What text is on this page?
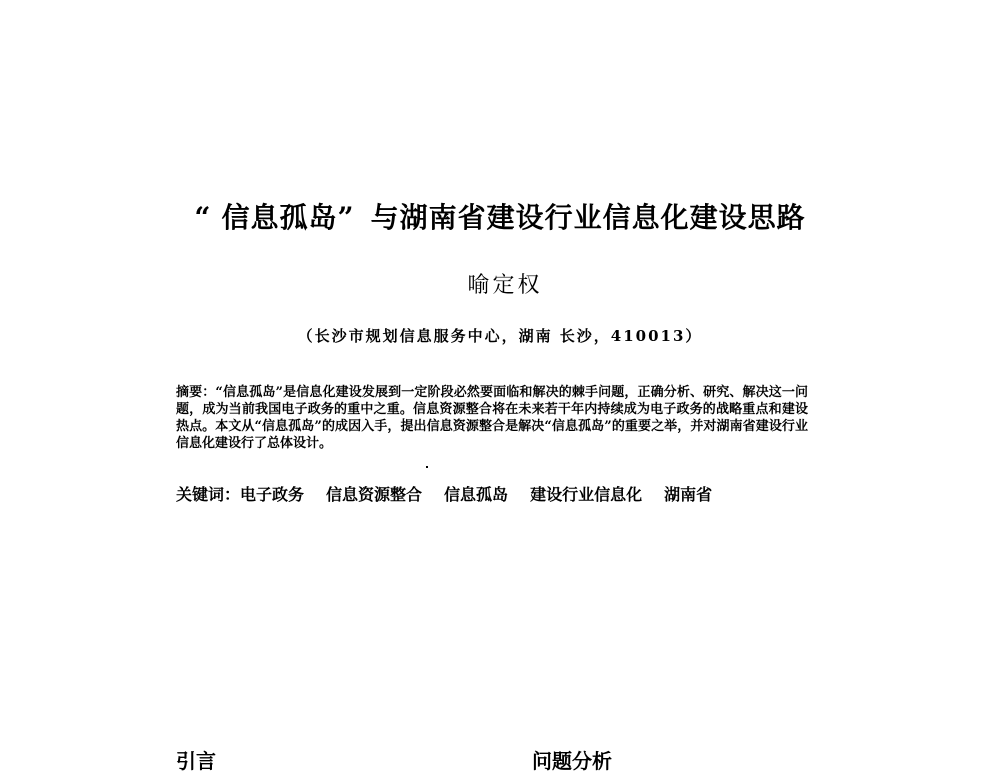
“ 信息孤岛” 与湖南省建设行业信息化建设思路
喻定权
（长沙市规划信息服务中心，湖南 长沙，410013）
摘要：“信息孤岛”是信息化建设发展到一定阶段必然要面临和解决的棘手问题，正确分析、研究、解决这一问题，成为当前我国电子政务的重中之重。信息资源整合将在未来若干年内持续成为电子政务的战略重点和建设热点。本文从“信息孤岛”的成因入手，提出信息资源整合是解决“信息孤岛”的重要之举，并对湖南省建设行业信息化建设行了总体设计。
关键词：电子政务 信息资源整合 信息孤岛 建设行业信息化 湖南省
引言	问题分析
